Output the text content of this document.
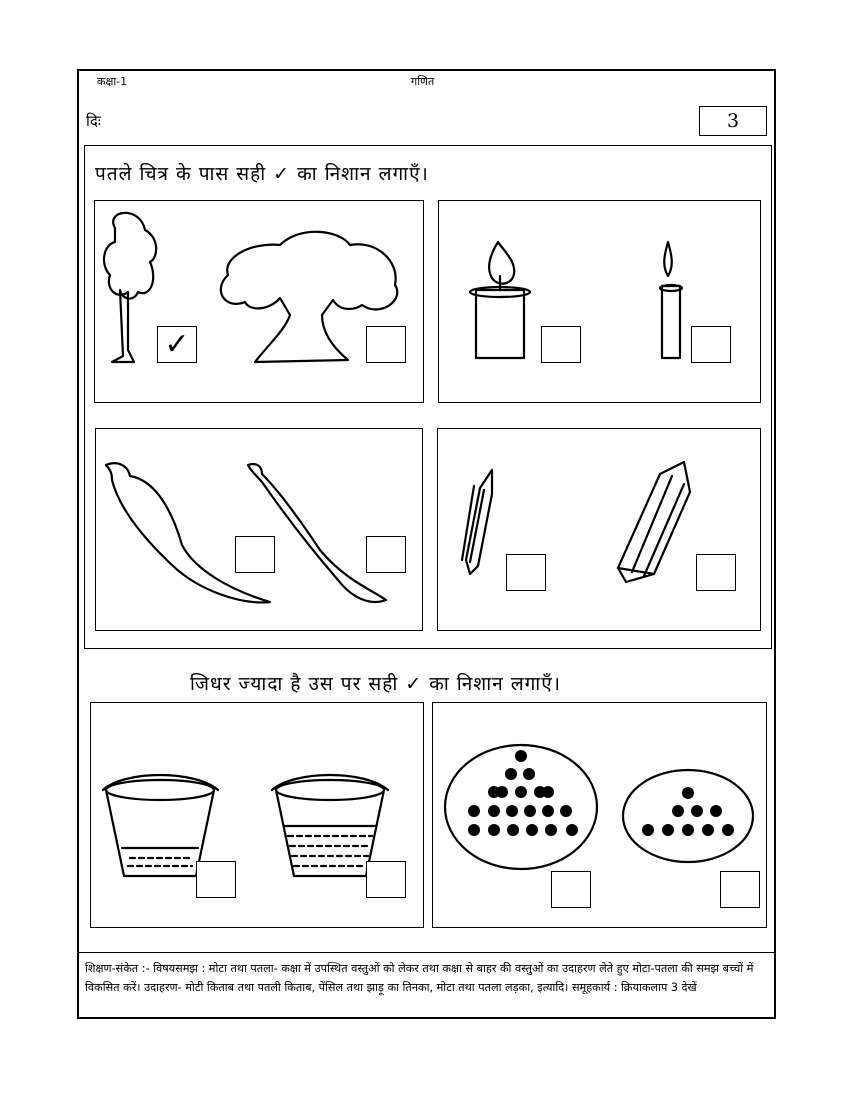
कक्षा-1	गणित
दिः	3
पतले चित्र के पास सही ✓ का निशान लगाएँ।
✓
जिधर ज्यादा है उस पर सही ✓ का निशान लगाएँ।
शिक्षण-संकेत :- विषयसमझ : मोटा तथा पतला- कक्षा में उपस्थित वस्तुओं को लेकर तथा कक्षा से बाहर की वस्तुओं का उदाहरण लेते हुए मोटा-पतला की समझ बच्चों में विकसित करें। उदाहरण- मोटी किताब तथा पतली किताब, पेंसिल तथा झाड़ू का तिनका, मोटा तथा पतला लड़का, इत्यादि। समूहकार्य : क्रियाकलाप 3 देखें
